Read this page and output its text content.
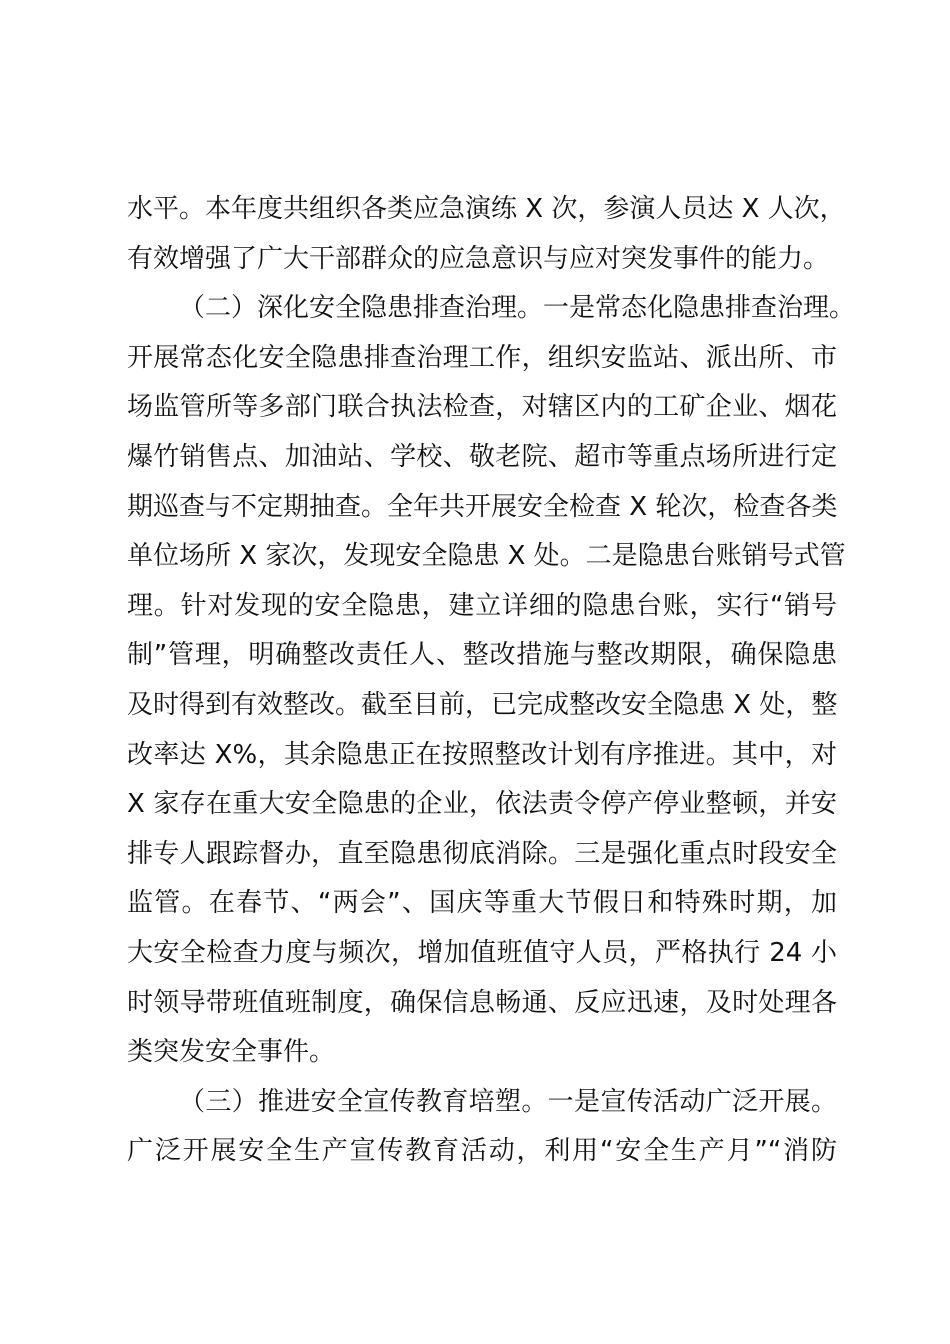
水平。本年度共组织各类应急演练 X 次，参演人员达 X 人次，
有效增强了广大干部群众的应急意识与应对突发事件的能力。
（二）深化安全隐患排查治理。一是常态化隐患排查治理。
开展常态化安全隐患排查治理工作，组织安监站、派出所、市
场监管所等多部门联合执法检查，对辖区内的工矿企业、烟花
爆竹销售点、加油站、学校、敬老院、超市等重点场所进行定
期巡查与不定期抽查。全年共开展安全检查 X 轮次，检查各类
单位场所 X 家次，发现安全隐患 X 处。二是隐患台账销号式管
理。针对发现的安全隐患，建立详细的隐患台账，实行“销号
制”管理，明确整改责任人、整改措施与整改期限，确保隐患
及时得到有效整改。截至目前，已完成整改安全隐患 X 处，整
改率达 X%，其余隐患正在按照整改计划有序推进。其中，对
X 家存在重大安全隐患的企业，依法责令停产停业整顿，并安
排专人跟踪督办，直至隐患彻底消除。三是强化重点时段安全
监管。在春节、“两会”、国庆等重大节假日和特殊时期，加
大安全检查力度与频次，增加值班值守人员，严格执行 24 小
时领导带班值班制度，确保信息畅通、反应迅速，及时处理各
类突发安全事件。
（三）推进安全宣传教育培塑。一是宣传活动广泛开展。
广泛开展安全生产宣传教育活动，利用“安全生产月”“消防
